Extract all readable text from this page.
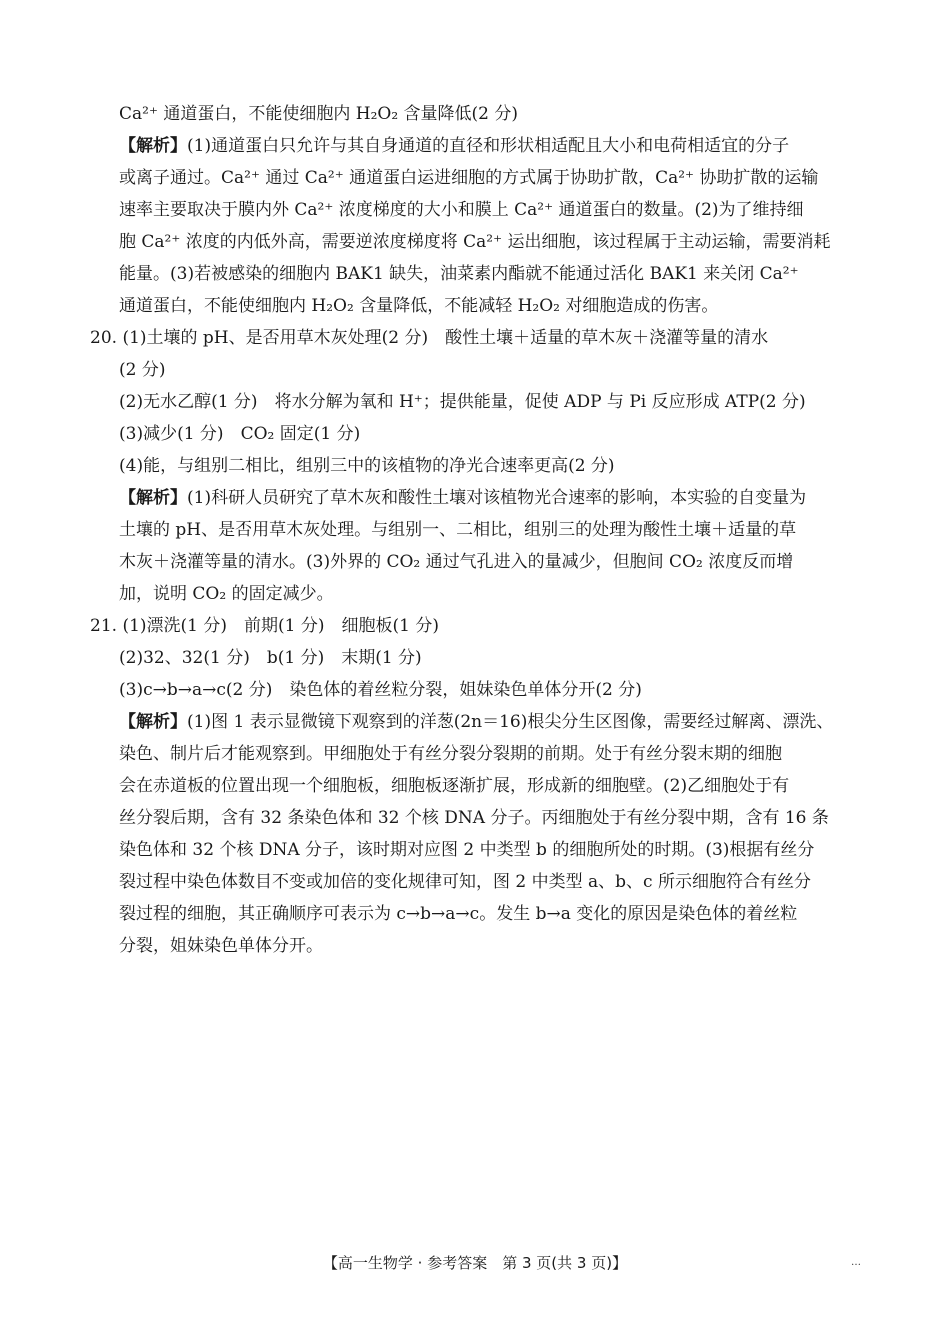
Ca²⁺ 通道蛋白，不能使细胞内 H₂O₂ 含量降低(2 分)
【解析】(1)通道蛋白只允许与其自身通道的直径和形状相适配且大小和电荷相适宜的分子
或离子通过。Ca²⁺ 通过 Ca²⁺ 通道蛋白运进细胞的方式属于协助扩散，Ca²⁺ 协助扩散的运输
速率主要取决于膜内外 Ca²⁺ 浓度梯度的大小和膜上 Ca²⁺ 通道蛋白的数量。(2)为了维持细
胞 Ca²⁺ 浓度的内低外高，需要逆浓度梯度将 Ca²⁺ 运出细胞，该过程属于主动运输，需要消耗
能量。(3)若被感染的细胞内 BAK1 缺失，油菜素内酯就不能通过活化 BAK1 来关闭 Ca²⁺
通道蛋白，不能使细胞内 H₂O₂ 含量降低，不能减轻 H₂O₂ 对细胞造成的伤害。
20. (1)土壤的 pH、是否用草木灰处理(2 分)　酸性土壤＋适量的草木灰＋浇灌等量的清水
(2 分)
(2)无水乙醇(1 分)　将水分解为氧和 H⁺；提供能量，促使 ADP 与 Pi 反应形成 ATP(2 分)
(3)减少(1 分)　CO₂ 固定(1 分)
(4)能，与组别二相比，组别三中的该植物的净光合速率更高(2 分)
【解析】(1)科研人员研究了草木灰和酸性土壤对该植物光合速率的影响，本实验的自变量为
土壤的 pH、是否用草木灰处理。与组别一、二相比，组别三的处理为酸性土壤＋适量的草
木灰＋浇灌等量的清水。(3)外界的 CO₂ 通过气孔进入的量减少，但胞间 CO₂ 浓度反而增
加，说明 CO₂ 的固定减少。
21. (1)漂洗(1 分)　前期(1 分)　细胞板(1 分)
(2)32、32(1 分)　b(1 分)　末期(1 分)
(3)c→b→a→c(2 分)　染色体的着丝粒分裂，姐妹染色单体分开(2 分)
【解析】(1)图 1 表示显微镜下观察到的洋葱(2n＝16)根尖分生区图像，需要经过解离、漂洗、
染色、制片后才能观察到。甲细胞处于有丝分裂分裂期的前期。处于有丝分裂末期的细胞
会在赤道板的位置出现一个细胞板，细胞板逐渐扩展，形成新的细胞壁。(2)乙细胞处于有
丝分裂后期，含有 32 条染色体和 32 个核 DNA 分子。丙细胞处于有丝分裂中期，含有 16 条
染色体和 32 个核 DNA 分子，该时期对应图 2 中类型 b 的细胞所处的时期。(3)根据有丝分
裂过程中染色体数目不变或加倍的变化规律可知，图 2 中类型 a、b、c 所示细胞符合有丝分
裂过程的细胞，其正确顺序可表示为 c→b→a→c。发生 b→a 变化的原因是染色体的着丝粒
分裂，姐妹染色单体分开。
【高一生物学 · 参考答案　第 3 页(共 3 页)】	…
